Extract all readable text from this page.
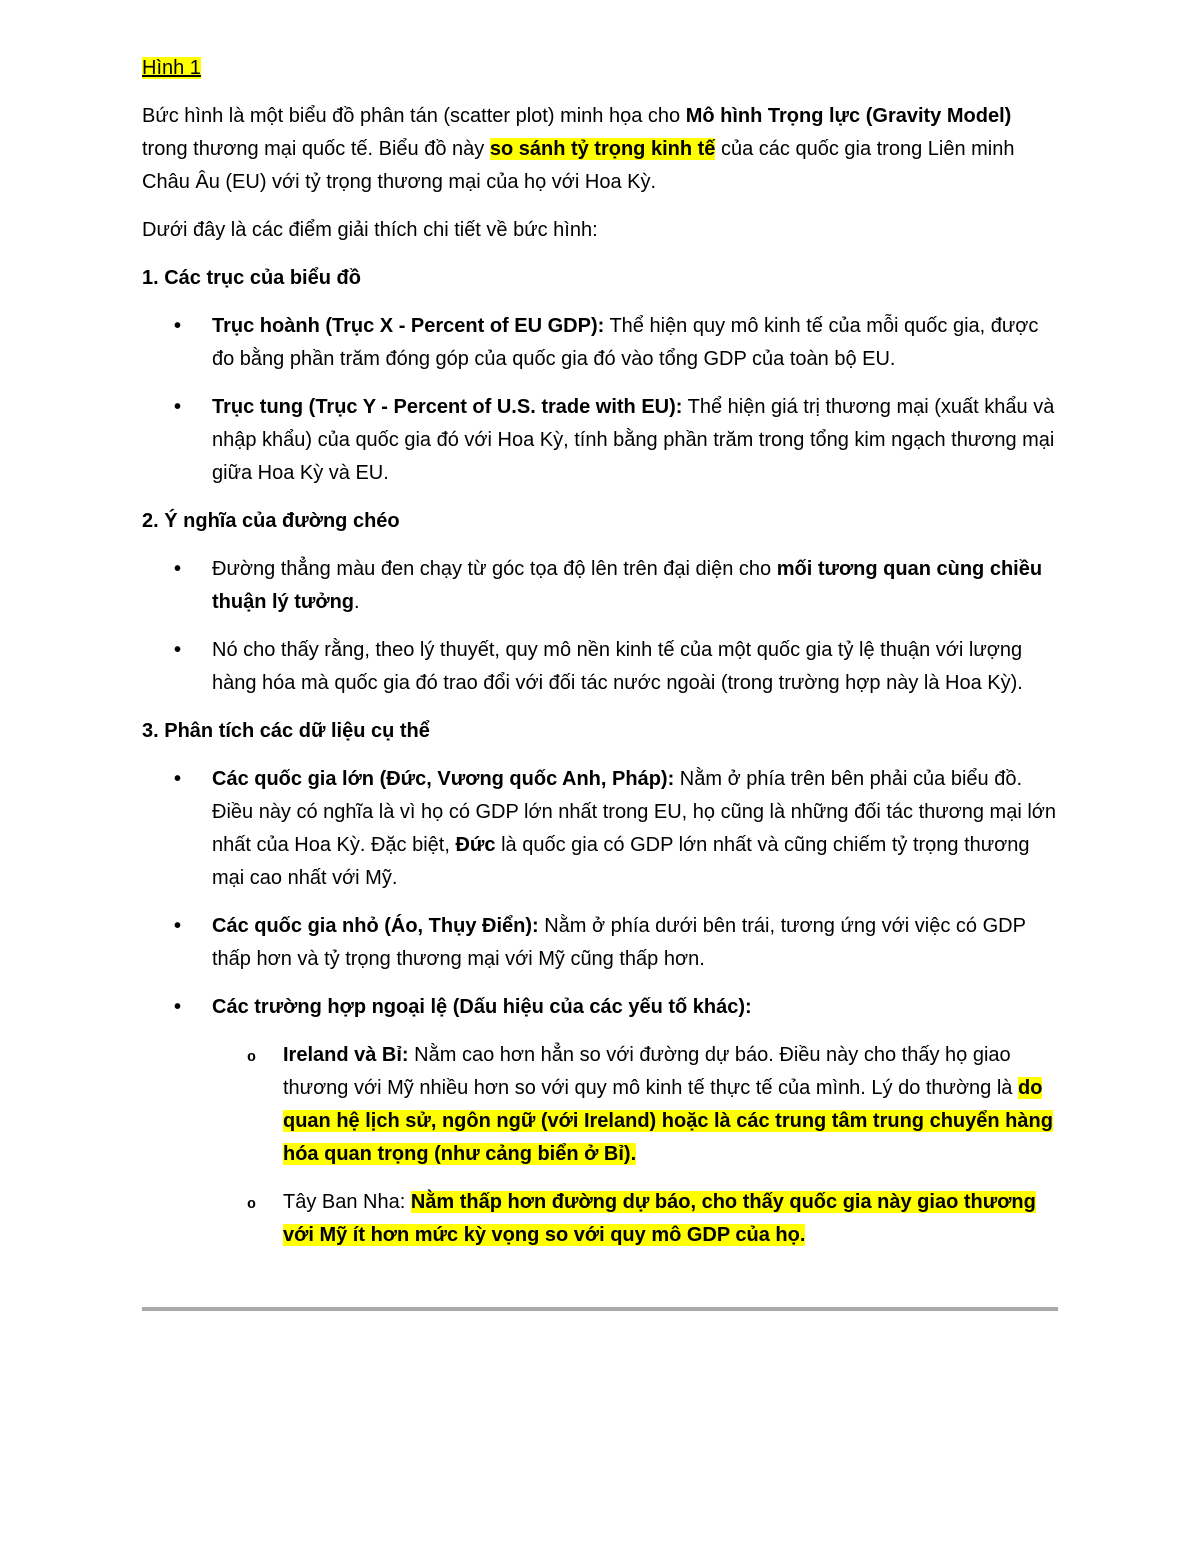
Hình 1

Bức hình là một biểu đồ phân tán (scatter plot) minh họa cho Mô hình Trọng lực (Gravity Model) trong thương mại quốc tế. Biểu đồ này so sánh tỷ trọng kinh tế của các quốc gia trong Liên minh Châu Âu (EU) với tỷ trọng thương mại của họ với Hoa Kỳ.

Dưới đây là các điểm giải thích chi tiết về bức hình:

1. Các trục của biểu đồ

•	Trục hoành (Trục X - Percent of EU GDP): Thể hiện quy mô kinh tế của mỗi quốc gia, được đo bằng phần trăm đóng góp của quốc gia đó vào tổng GDP của toàn bộ EU.
•	Trục tung (Trục Y - Percent of U.S. trade with EU): Thể hiện giá trị thương mại (xuất khẩu và nhập khẩu) của quốc gia đó với Hoa Kỳ, tính bằng phần trăm trong tổng kim ngạch thương mại giữa Hoa Kỳ và EU.

2. Ý nghĩa của đường chéo

•	Đường thẳng màu đen chạy từ góc tọa độ lên trên đại diện cho mối tương quan cùng chiều thuận lý tưởng.
•	Nó cho thấy rằng, theo lý thuyết, quy mô nền kinh tế của một quốc gia tỷ lệ thuận với lượng hàng hóa mà quốc gia đó trao đổi với đối tác nước ngoài (trong trường hợp này là Hoa Kỳ).

3. Phân tích các dữ liệu cụ thể

•	Các quốc gia lớn (Đức, Vương quốc Anh, Pháp): Nằm ở phía trên bên phải của biểu đồ. Điều này có nghĩa là vì họ có GDP lớn nhất trong EU, họ cũng là những đối tác thương mại lớn nhất của Hoa Kỳ. Đặc biệt, Đức là quốc gia có GDP lớn nhất và cũng chiếm tỷ trọng thương mại cao nhất với Mỹ.
•	Các quốc gia nhỏ (Áo, Thụy Điển): Nằm ở phía dưới bên trái, tương ứng với việc có GDP thấp hơn và tỷ trọng thương mại với Mỹ cũng thấp hơn.
•	Các trường hợp ngoại lệ (Dấu hiệu của các yếu tố khác):
o Ireland và Bỉ: Nằm cao hơn hẳn so với đường dự báo. Điều này cho thấy họ giao thương với Mỹ nhiều hơn so với quy mô kinh tế thực tế của mình. Lý do thường là do quan hệ lịch sử, ngôn ngữ (với Ireland) hoặc là các trung tâm trung chuyển hàng hóa quan trọng (như cảng biển ở Bỉ).
o Tây Ban Nha: Nằm thấp hơn đường dự báo, cho thấy quốc gia này giao thương với Mỹ ít hơn mức kỳ vọng so với quy mô GDP của họ.
